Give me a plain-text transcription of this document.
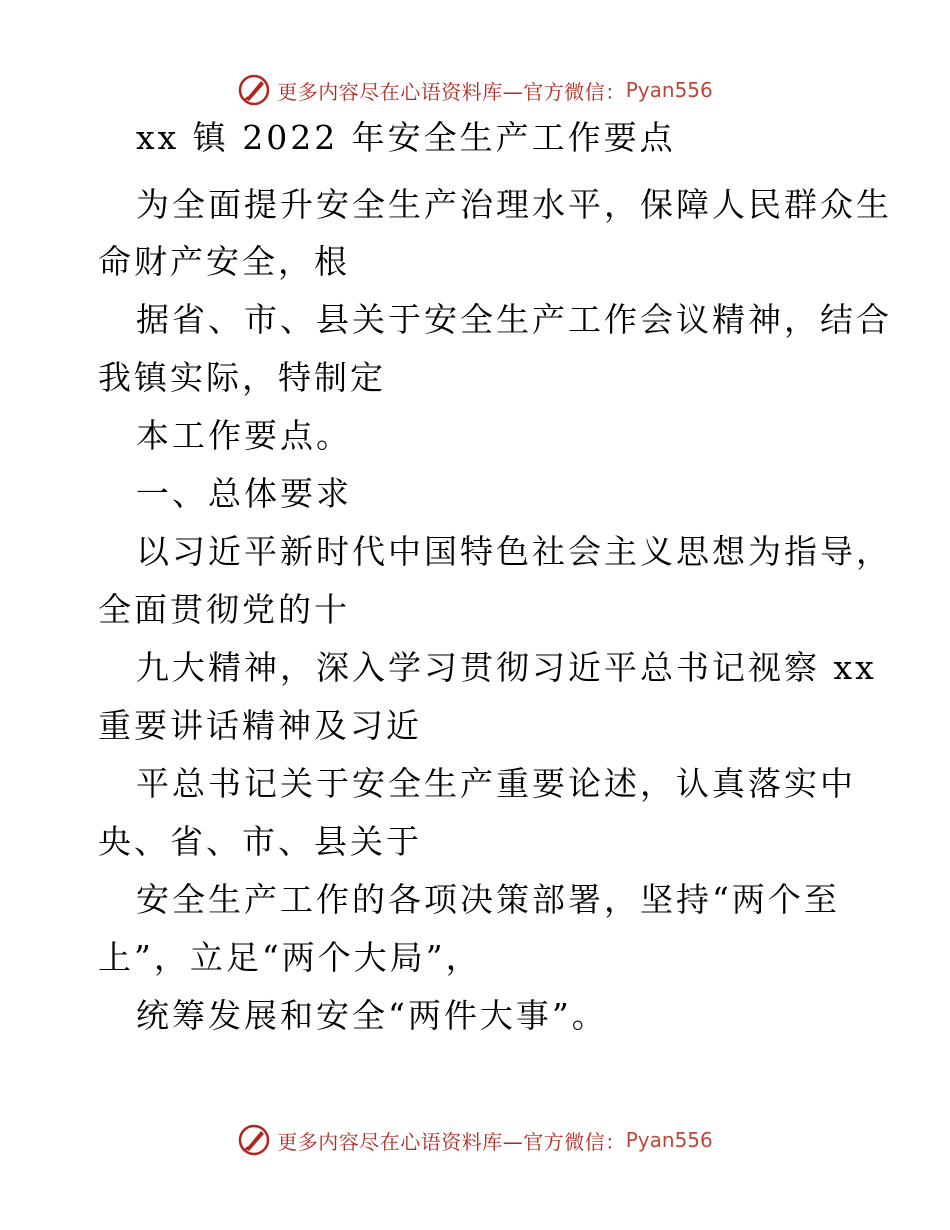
更多内容尽在心语资料库—官方微信： Pyan556
xx 镇 2022 年安全生产工作要点
为全面提升安全生产治理水平，保障人民群众生
命财产安全，根
据省、市、县关于安全生产工作会议精神，结合
我镇实际，特制定
本工作要点。
一、总体要求
以习近平新时代中国特色社会主义思想为指导，
全面贯彻党的十
九大精神，深入学习贯彻习近平总书记视察 xx
重要讲话精神及习近
平总书记关于安全生产重要论述，认真落实中
央、省、市、县关于
安全生产工作的各项决策部署，坚持“两个至
上”，立足“两个大局”，
统筹发展和安全“两件大事”。
更多内容尽在心语资料库—官方微信： Pyan556
